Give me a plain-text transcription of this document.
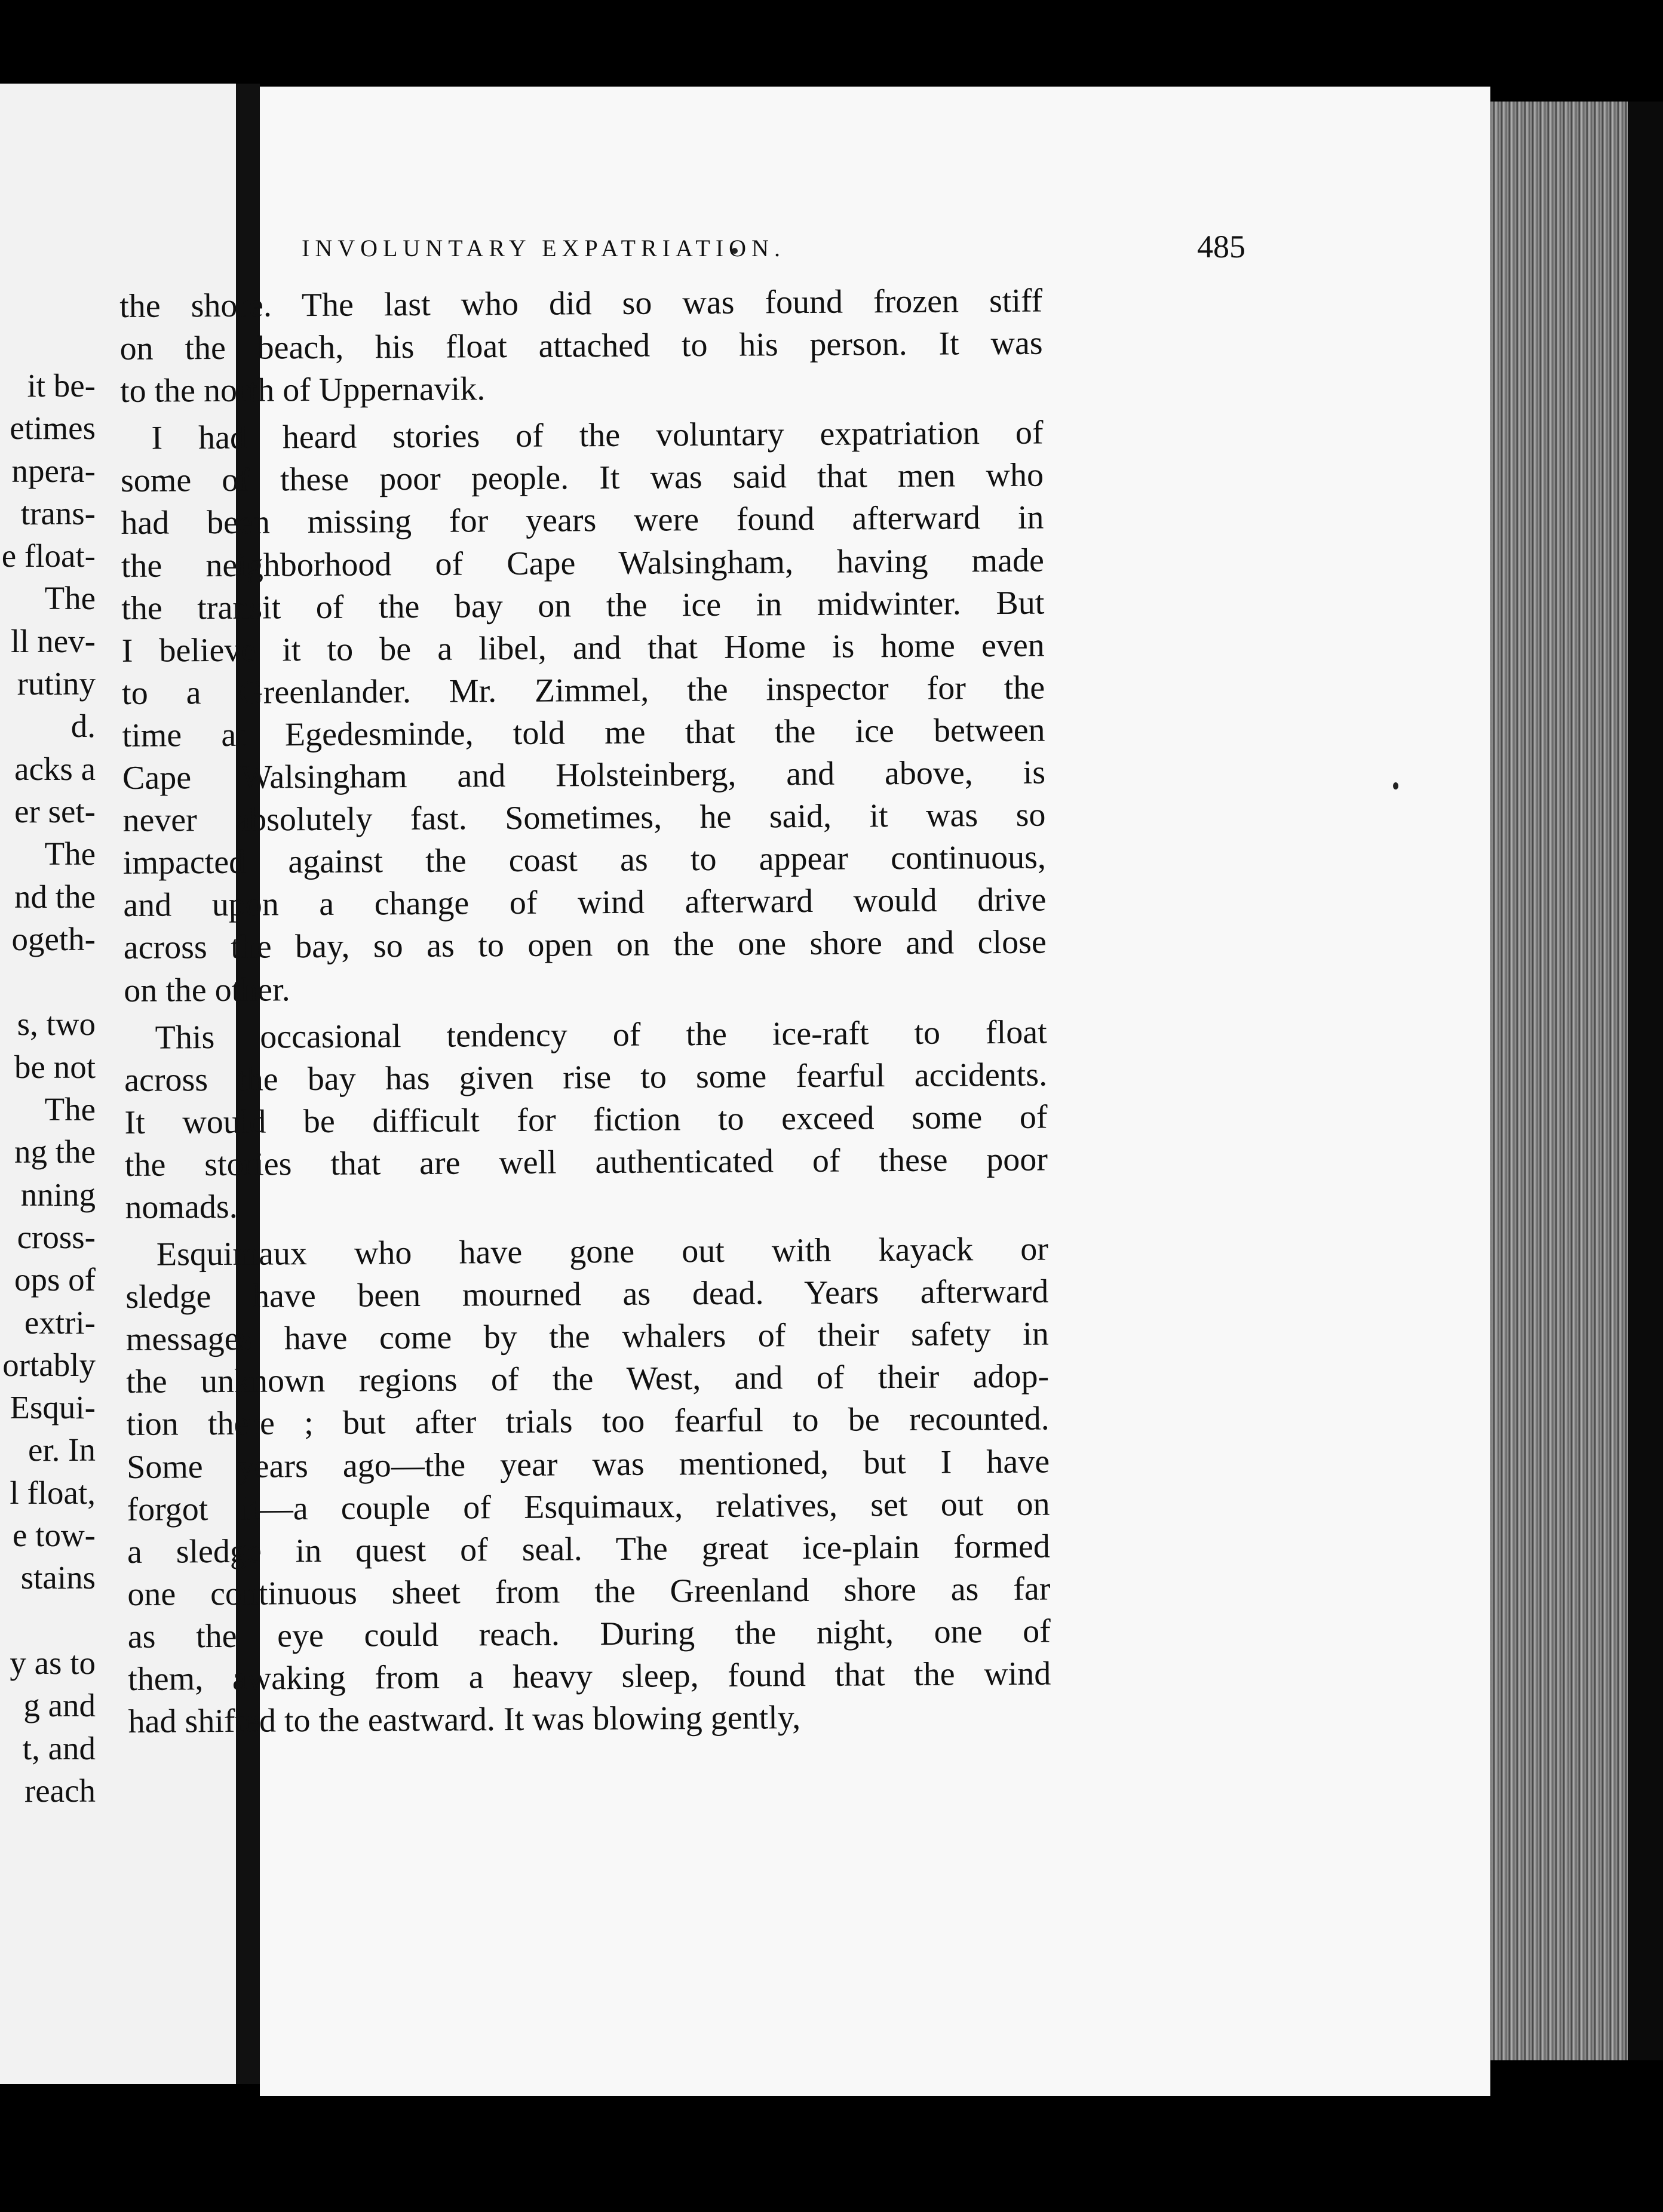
it be-
etimes
npera-
trans-
e float-
The
ll nev-
rutiny
d.
acks a
er set-
The
nd the
ogeth-
s, two
be not
The
ng the
nning
cross-
ops of
extri-
ortably
Esqui-
er. In
l float,
e tow-
stains
y as to
g and
t, and
reach
INVOLUNTARY EXPATRIATION.	485
the shore. The last who did so was found frozen stiff
on the beach, his float attached to his person. It was
to the north of Uppernavik.
I had heard stories of the voluntary expatriation of
some of these poor people. It was said that men who
had been missing for years were found afterward in
the neighborhood of Cape Walsingham, having made
the transit of the bay on the ice in midwinter. But
I believe it to be a libel, and that Home is home even
to a Greenlander. Mr. Zimmel, the inspector for the
time at Egedesminde, told me that the ice between
Cape Walsingham and Holsteinberg, and above, is
never absolutely fast. Sometimes, he said, it was so
impacted against the coast as to appear continuous,
and upon a change of wind afterward would drive
across the bay, so as to open on the one shore and close
on the other.
This occasional tendency of the ice-raft to float
across the bay has given rise to some fearful accidents.
It would be difficult for fiction to exceed some of
the stories that are well authenticated of these poor
nomads.
Esquimaux who have gone out with kayack or
sledge have been mourned as dead. Years afterward
messages have come by the whalers of their safety in
the unknown regions of the West, and of their adop-
tion there ; but after trials too fearful to be recounted.
Some years ago—the year was mentioned, but I have
forgot it—a couple of Esquimaux, relatives, set out on
a sledge in quest of seal. The great ice-plain formed
one continuous sheet from the Greenland shore as far
as the eye could reach. During the night, one of
them, awaking from a heavy sleep, found that the wind
had shifted to the eastward. It was blowing gently,
